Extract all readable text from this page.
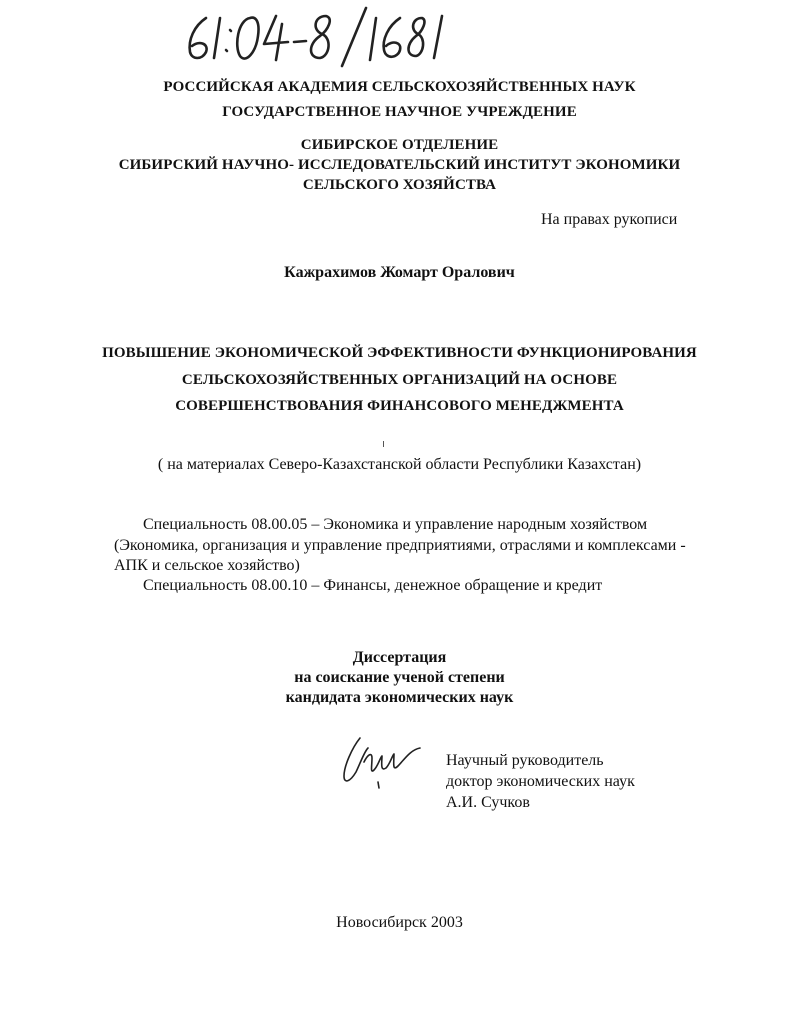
РОССИЙСКАЯ АКАДЕМИЯ СЕЛЬСКОХОЗЯЙСТВЕННЫХ НАУК
ГОСУДАРСТВЕННОЕ НАУЧНОЕ УЧРЕЖДЕНИЕ
СИБИРСКОЕ ОТДЕЛЕНИЕ
СИБИРСКИЙ НАУЧНО- ИССЛЕДОВАТЕЛЬСКИЙ ИНСТИТУТ ЭКОНОМИКИ
СЕЛЬСКОГО ХОЗЯЙСТВА
На правах рукописи
Кажрахимов Жомарт Оралович
ПОВЫШЕНИЕ ЭКОНОМИЧЕСКОЙ ЭФФЕКТИВНОСТИ ФУНКЦИОНИРОВАНИЯ
СЕЛЬСКОХОЗЯЙСТВЕННЫХ ОРГАНИЗАЦИЙ НА ОСНОВЕ
СОВЕРШЕНСТВОВАНИЯ ФИНАНСОВОГО МЕНЕДЖМЕНТА
( на материалах Северо-Казахстанской области Республики Казахстан)
Специальность 08.00.05 – Экономика и управление народным хозяйством
(Экономика, организация и управление предприятиями, отраслями и комплексами -
АПК и сельское хозяйство)
Специальность 08.00.10 – Финансы, денежное обращение и кредит
Диссертация
на соискание ученой степени
кандидата экономических наук
Научный руководитель
доктор экономических наук
А.И. Сучков
Новосибирск 2003
